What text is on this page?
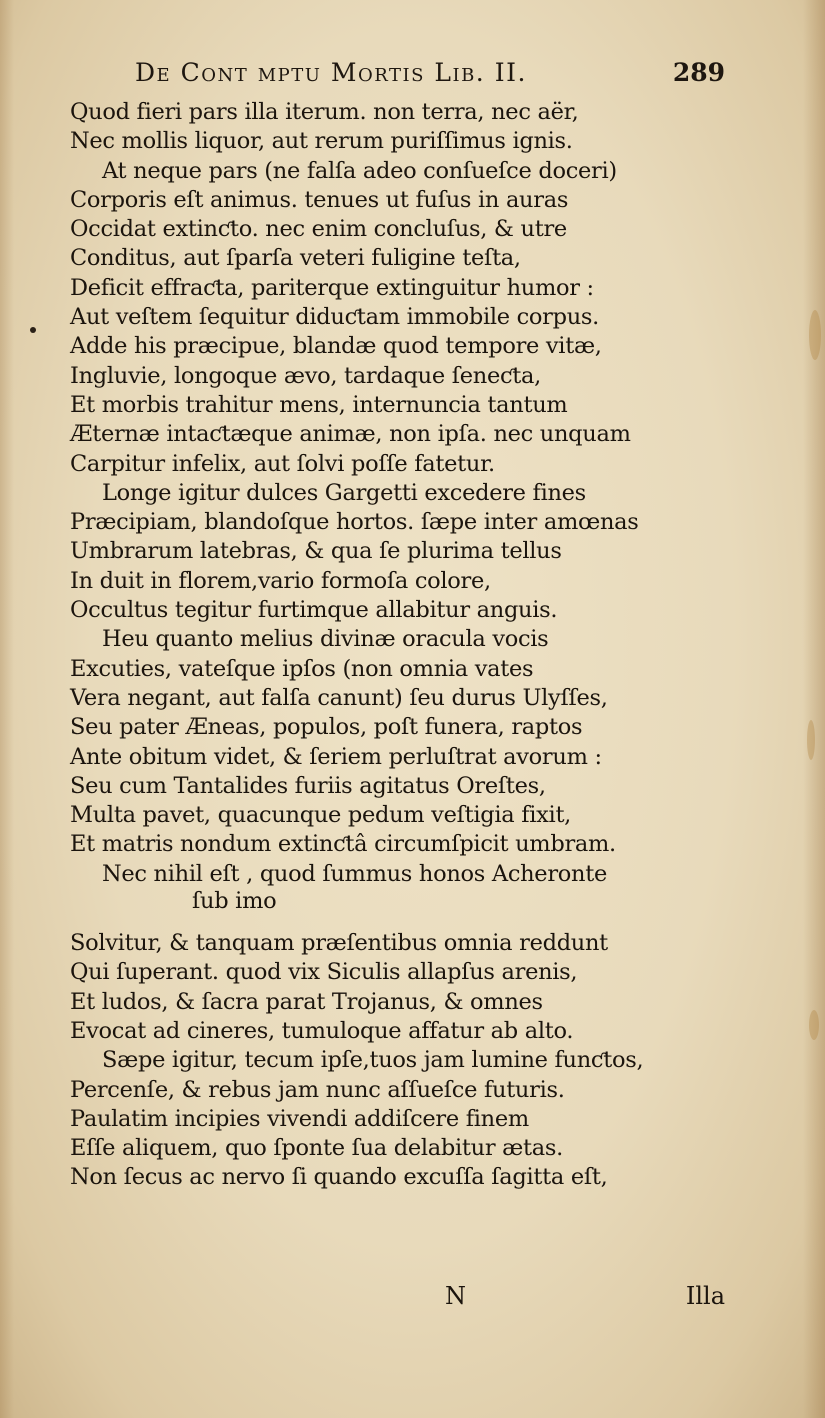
De Cont mptu Mortis Lib. II.	289
Quod fieri pars illa iterum. non terra, nec aër,
Nec mollis liquor, aut rerum puriſſimus ignis.
At neque pars (ne falſa adeo conſueſce doceri)
Corporis eſt animus. tenues ut fuſus in auras
Occidat extinƈto. nec enim concluſus, & utre
Conditus, aut ſparſa veteri fuligine teſta,
Deficit effraƈta, pariterque extinguitur humor :
Aut veſtem ſequitur diduƈtam immobile corpus.
Adde his præcipue, blandæ quod tempore vitæ,
Ingluvie, longoque ævo, tardaque ſeneƈta,
Et morbis trahitur mens, internuncia tantum
Æternæ intaƈtæque animæ, non ipſa. nec unquam
Carpitur infelix, aut ſolvi poſſe fatetur.
Longe igitur dulces Gargetti excedere fines
Præcipiam, blandoſque hortos. ſæpe inter amœnas
Umbrarum latebras, & qua ſe plurima tellus
In duit in florem,vario formoſa colore,
Occultus tegitur furtimque allabitur anguis.
Heu quanto melius divinæ oracula vocis
Excuties, vateſque ipſos (non omnia vates
Vera negant, aut falſa canunt) ſeu durus Ulyſſes,
Seu pater Æneas, populos, poſt funera, raptos
Ante obitum videt, & ſeriem perluſtrat avorum :
Seu cum Tantalides furiis agitatus Oreſtes,
Multa pavet, quacunque pedum veſtigia fixit,
Et matris nondum extinƈtâ circumſpicit umbram.
Nec nihil eſt , quod ſummus honos Acheronte
ſub imo
Solvitur, & tanquam præſentibus omnia reddunt
Qui ſuperant. quod vix Siculis allapſus arenis,
Et ludos, & ſacra parat Trojanus, & omnes
Evocat ad cineres, tumuloque affatur ab alto.
Sæpe igitur, tecum ipſe,tuos jam lumine funƈtos,
Percenſe, & rebus jam nunc aſſueſce futuris.
Paulatim incipies vivendi addiſcere finem
Eſſe aliquem, quo ſponte ſua delabitur ætas.
Non ſecus ac nervo ſi quando excuſſa ſagitta eſt,
N	Illa
